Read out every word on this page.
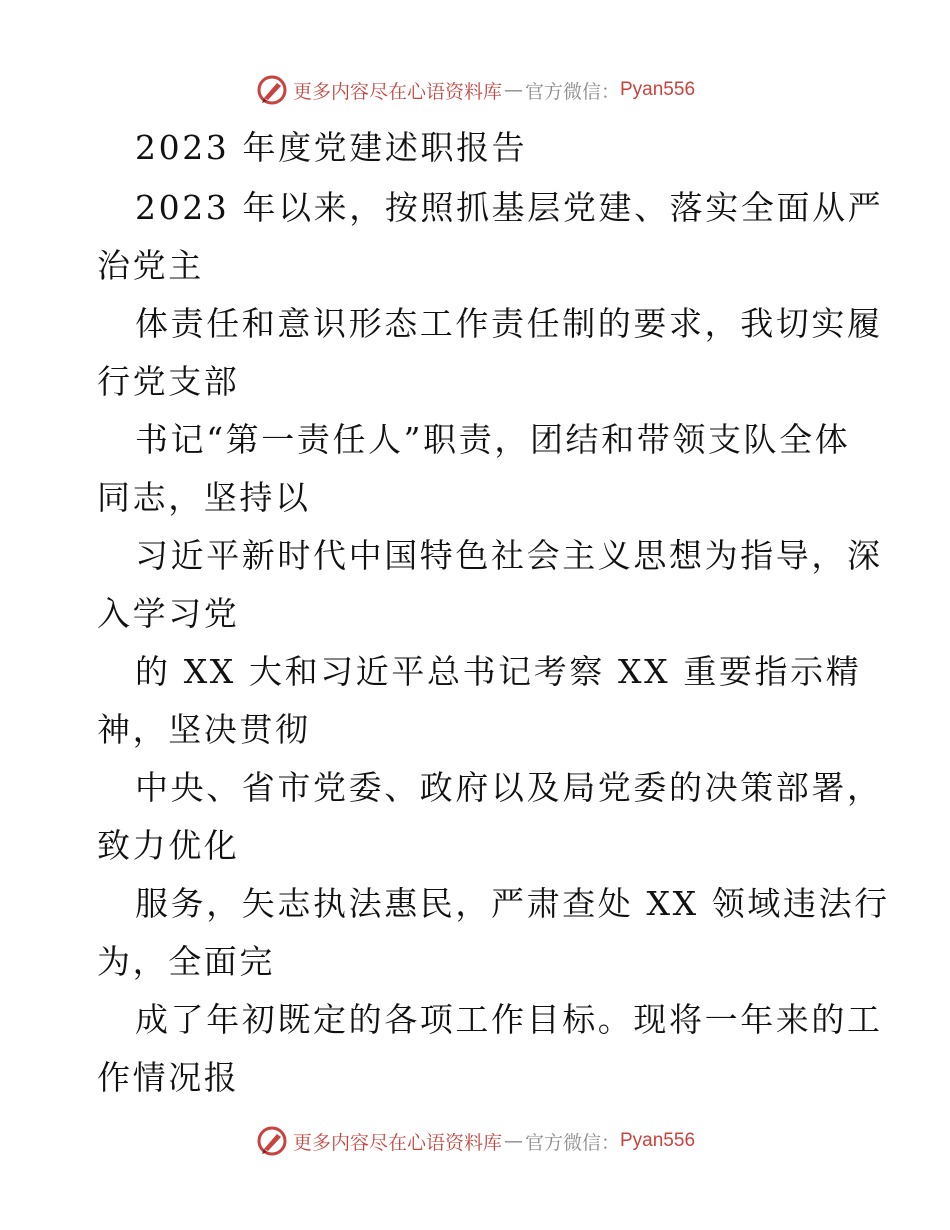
更多内容尽在心语资料库 — 官方微信： Pyan556
2023 年度党建述职报告
2023 年以来，按照抓基层党建、落实全面从严
治党主
体责任和意识形态工作责任制的要求，我切实履
行党支部
书记“第一责任人”职责，团结和带领支队全体
同志，坚持以
习近平新时代中国特色社会主义思想为指导，深
入学习党
的 XX 大和习近平总书记考察 XX 重要指示精
神，坚决贯彻
中央、省市党委、政府以及局党委的决策部署，
致力优化
服务，矢志执法惠民，严肃查处 XX 领域违法行
为，全面完
成了年初既定的各项工作目标。现将一年来的工
作情况报
更多内容尽在心语资料库 — 官方微信： Pyan556
